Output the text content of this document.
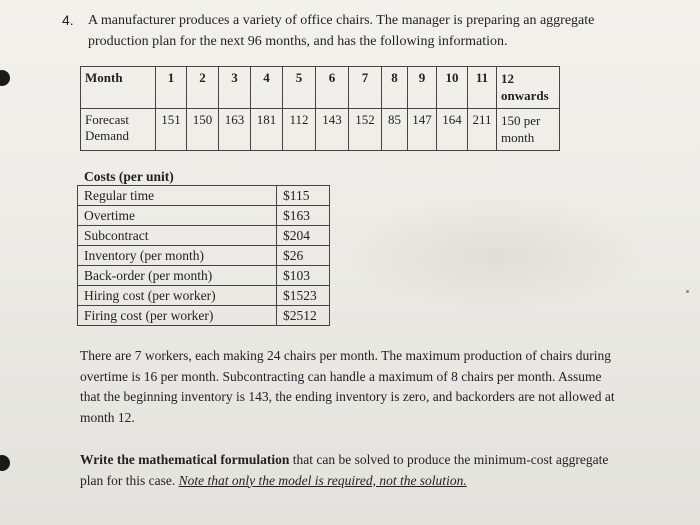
4. A manufacturer produces a variety of office chairs. The manager is preparing an aggregate production plan for the next 96 months, and has the following information.
Month	1	2	3	4	5	6	7	8	9	10	11	12 onwards
Forecast Demand	151	150	163	181	112	143	152	85	147	164	211	150 per month
Costs (per unit)
Regular time	$115
Overtime	$163
Subcontract	$204
Inventory (per month)	$26
Back-order (per month)	$103
Hiring cost (per worker)	$1523
Firing cost (per worker)	$2512
There are 7 workers, each making 24 chairs per month. The maximum production of chairs during overtime is 16 per month. Subcontracting can handle a maximum of 8 chairs per month. Assume that the beginning inventory is 143, the ending inventory is zero, and backorders are not allowed at month 12.
Write the mathematical formulation that can be solved to produce the minimum-cost aggregate plan for this case. Note that only the model is required, not the solution.
